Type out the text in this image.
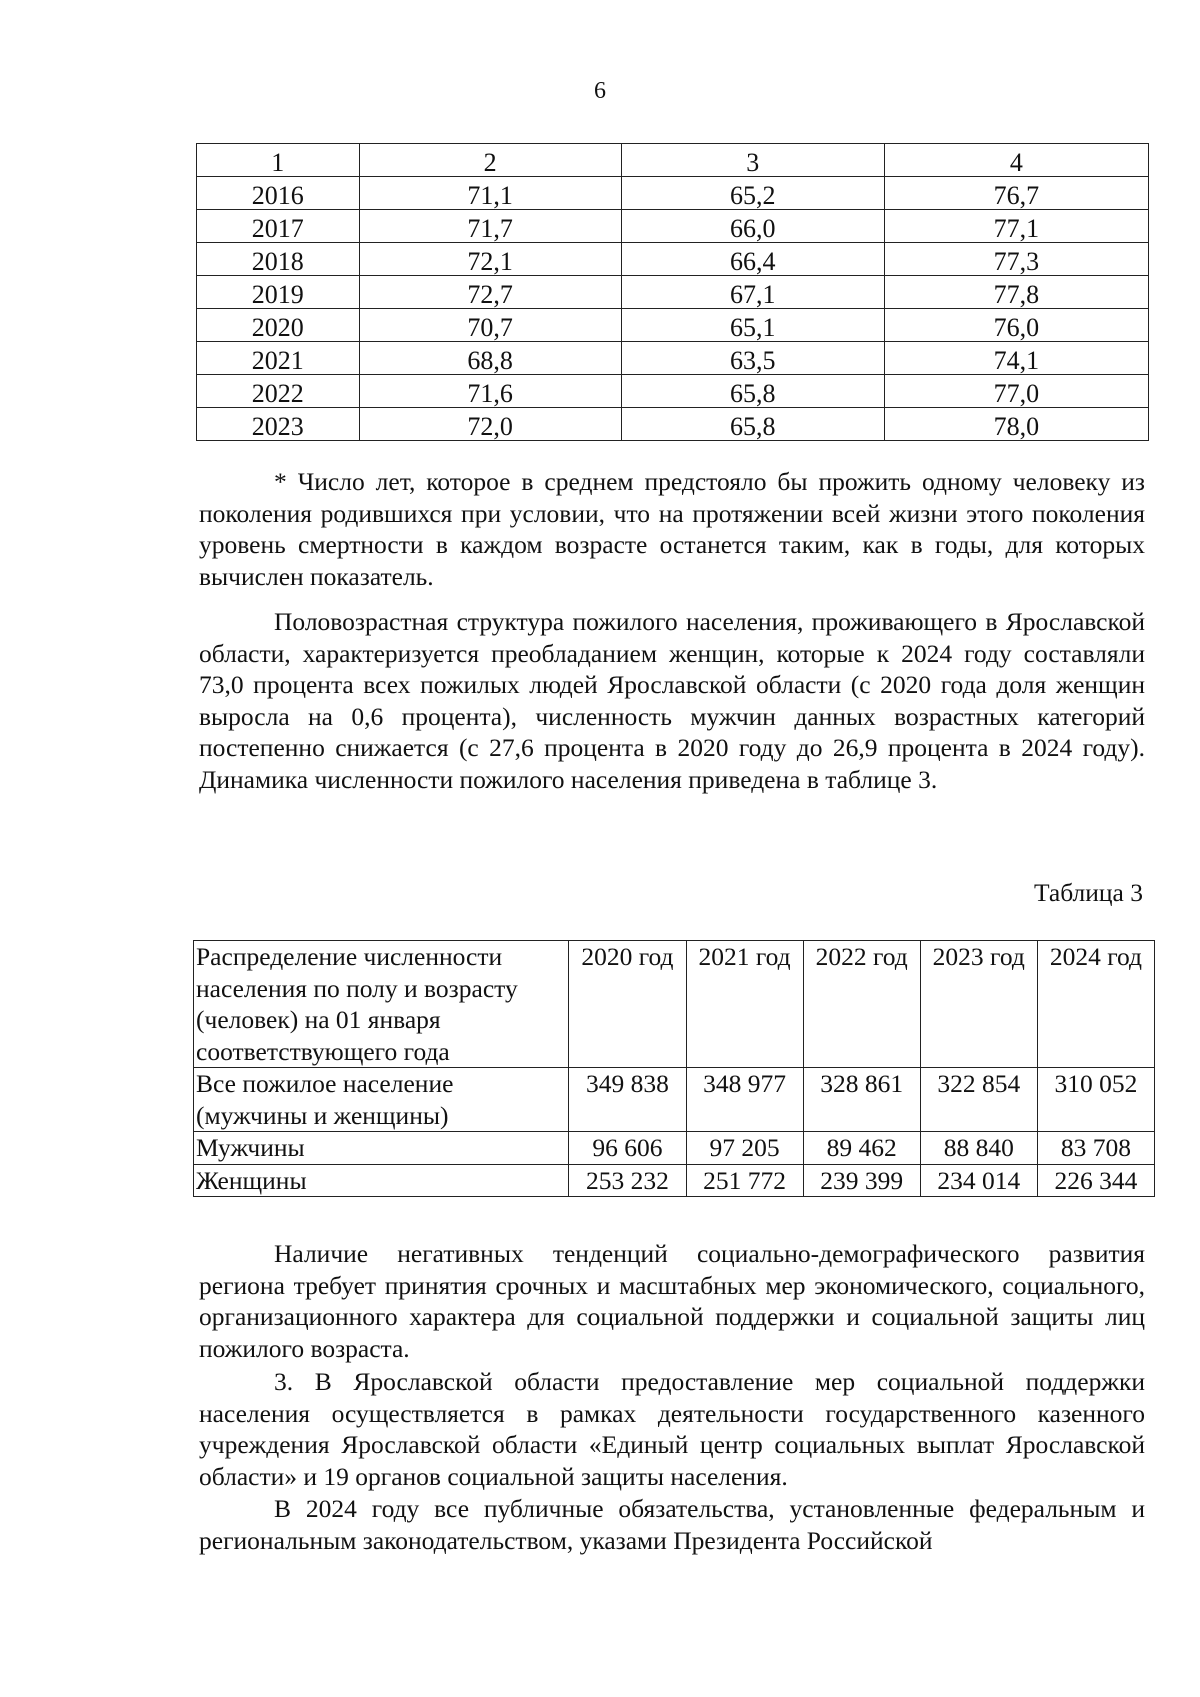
6
1	2	3	4
2016	71,1	65,2	76,7
2017	71,7	66,0	77,1
2018	72,1	66,4	77,3
2019	72,7	67,1	77,8
2020	70,7	65,1	76,0
2021	68,8	63,5	74,1
2022	71,6	65,8	77,0
2023	72,0	65,8	78,0

* Число лет, которое в среднем предстояло бы прожить одному человеку из поколения родившихся при условии, что на протяжении всей жизни этого поколения уровень смертности в каждом возрасте останется таким, как в годы, для которых вычислен показатель.

Половозрастная структура пожилого населения, проживающего в Ярославской области, характеризуется преобладанием женщин, которые к 2024 году составляли 73,0 процента всех пожилых людей Ярославской области (с 2020 года доля женщин выросла на 0,6 процента), численность мужчин данных возрастных категорий постепенно снижается (с 27,6 процента в 2020 году до 26,9 процента в 2024 году). Динамика численности пожилого населения приведена в таблице 3.

Таблица 3
Распределение численности населения по полу и возрасту (человек) на 01 января соответствующего года	2020 год	2021 год	2022 год	2023 год	2024 год
Все пожилое население (мужчины и женщины)	349 838	348 977	328 861	322 854	310 052
Мужчины	96 606	97 205	89 462	88 840	83 708
Женщины	253 232	251 772	239 399	234 014	226 344

Наличие негативных тенденций социально-демографического развития региона требует принятия срочных и масштабных мер экономического, социального, организационного характера для социальной поддержки и социальной защиты лиц пожилого возраста.

3. В Ярославской области предоставление мер социальной поддержки населения осуществляется в рамках деятельности государственного казенного учреждения Ярославской области «Единый центр социальных выплат Ярославской области» и 19 органов социальной защиты населения.

В 2024 году все публичные обязательства, установленные федеральным и региональным законодательством, указами Президента Российской
